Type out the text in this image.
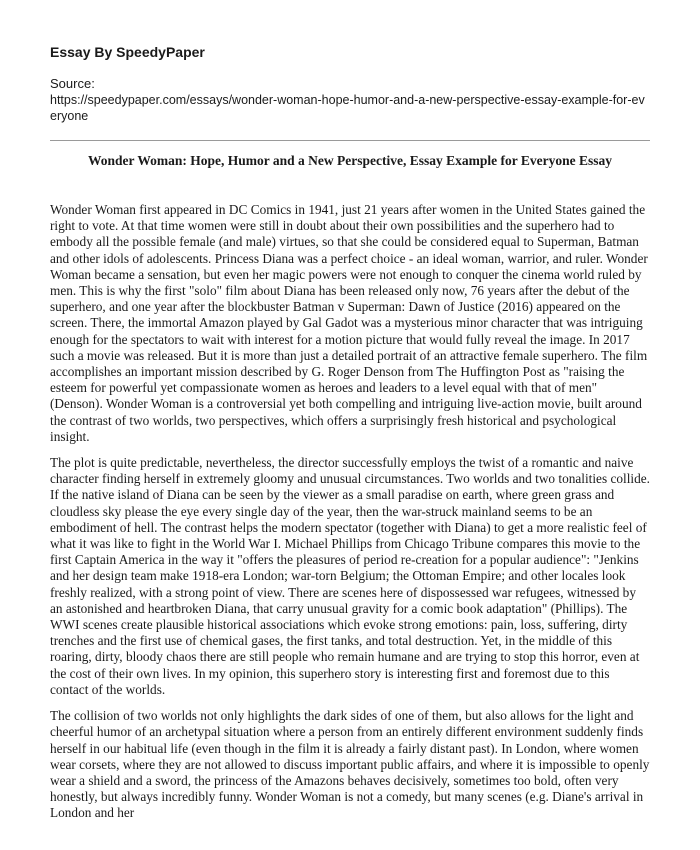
Essay By SpeedyPaper
Source:
https://speedypaper.com/essays/wonder-woman-hope-humor-and-a-new-perspective-essay-example-for-everyone
Wonder Woman: Hope, Humor and a New Perspective, Essay Example for Everyone Essay

Wonder Woman first appeared in DC Comics in 1941, just 21 years after women in the United States gained the right to vote. At that time women were still in doubt about their own possibilities and the superhero had to embody all the possible female (and male) virtues, so that she could be considered equal to Superman, Batman and other idols of adolescents. Princess Diana was a perfect choice - an ideal woman, warrior, and ruler. Wonder Woman became a sensation, but even her magic powers were not enough to conquer the cinema world ruled by men. This is why the first "solo" film about Diana has been released only now, 76 years after the debut of the superhero, and one year after the blockbuster Batman v Superman: Dawn of Justice (2016) appeared on the screen. There, the immortal Amazon played by Gal Gadot was a mysterious minor character that was intriguing enough for the spectators to wait with interest for a motion picture that would fully reveal the image. In 2017 such a movie was released. But it is more than just a detailed portrait of an attractive female superhero. The film accomplishes an important mission described by G. Roger Denson from The Huffington Post as "raising the esteem for powerful yet compassionate women as heroes and leaders to a level equal with that of men" (Denson). Wonder Woman is a controversial yet both compelling and intriguing live-action movie, built around the contrast of two worlds, two perspectives, which offers a surprisingly fresh historical and psychological insight.

The plot is quite predictable, nevertheless, the director successfully employs the twist of a romantic and naive character finding herself in extremely gloomy and unusual circumstances. Two worlds and two tonalities collide. If the native island of Diana can be seen by the viewer as a small paradise on earth, where green grass and cloudless sky please the eye every single day of the year, then the war-struck mainland seems to be an embodiment of hell. The contrast helps the modern spectator (together with Diana) to get a more realistic feel of what it was like to fight in the World War I. Michael Phillips from Chicago Tribune compares this movie to the first Captain America in the way it "offers the pleasures of period re-creation for a popular audience": "Jenkins and her design team make 1918-era London; war-torn Belgium; the Ottoman Empire; and other locales look freshly realized, with a strong point of view. There are scenes here of dispossessed war refugees, witnessed by an astonished and heartbroken Diana, that carry unusual gravity for a comic book adaptation" (Phillips). The WWI scenes create plausible historical associations which evoke strong emotions: pain, loss, suffering, dirty trenches and the first use of chemical gases, the first tanks, and total destruction. Yet, in the middle of this roaring, dirty, bloody chaos there are still people who remain humane and are trying to stop this horror, even at the cost of their own lives. In my opinion, this superhero story is interesting first and foremost due to this contact of the worlds.

The collision of two worlds not only highlights the dark sides of one of them, but also allows for the light and cheerful humor of an archetypal situation where a person from an entirely different environment suddenly finds herself in our habitual life (even though in the film it is already a fairly distant past). In London, where women wear corsets, where they are not allowed to discuss important public affairs, and where it is impossible to openly wear a shield and a sword, the princess of the Amazons behaves decisively, sometimes too bold, often very honestly, but always incredibly funny. Wonder Woman is not a comedy, but many scenes (e.g. Diane's arrival in London and her
